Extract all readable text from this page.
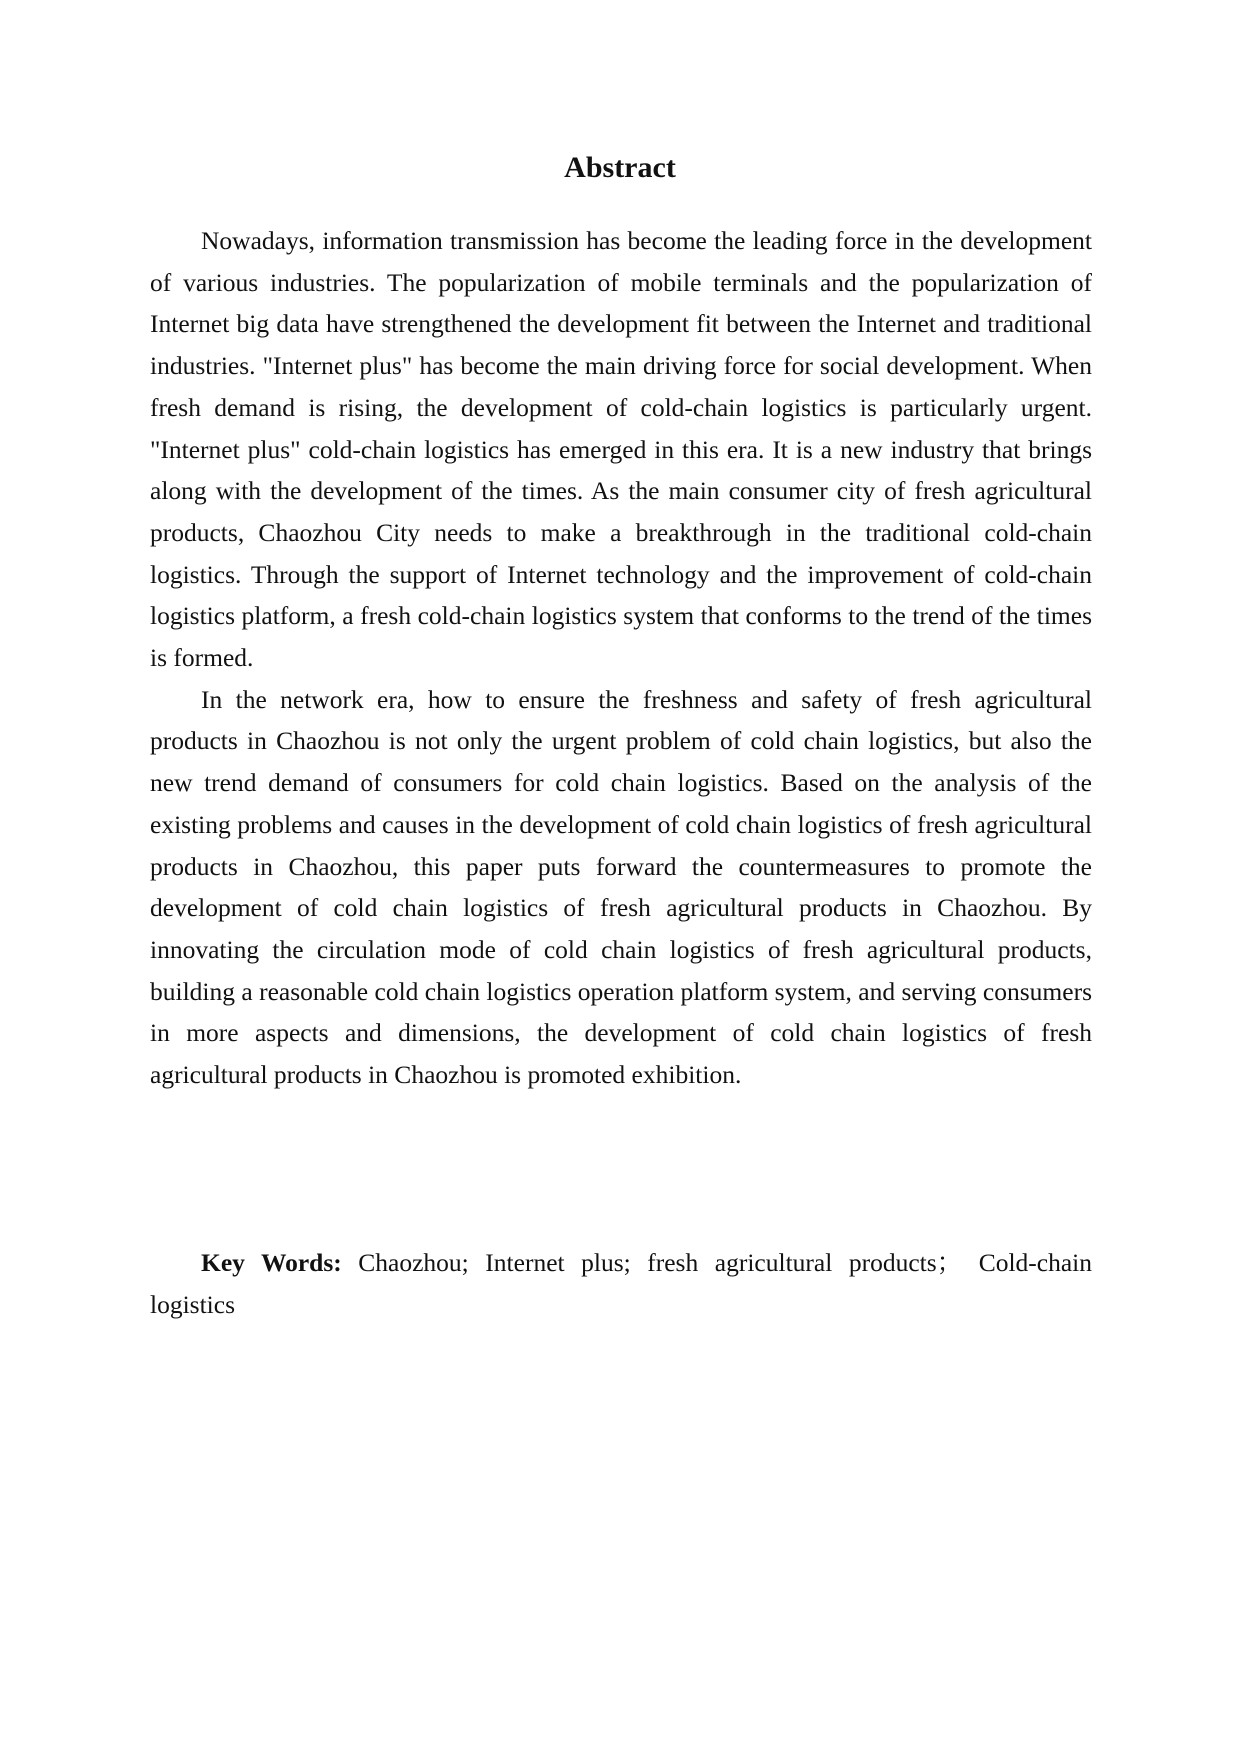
Abstract

Nowadays, information transmission has become the leading force in the development of various industries. The popularization of mobile terminals and the popularization of Internet big data have strengthened the development fit between the Internet and traditional industries. "Internet plus" has become the main driving force for social development. When fresh demand is rising, the development of cold-chain logistics is particularly urgent. "Internet plus" cold-chain logistics has emerged in this era. It is a new industry that brings along with the development of the times. As the main consumer city of fresh agricultural products, Chaozhou City needs to make a breakthrough in the traditional cold-chain logistics. Through the support of Internet technology and the improvement of cold-chain logistics platform, a fresh cold-chain logistics system that conforms to the trend of the times is formed.

In the network era, how to ensure the freshness and safety of fresh agricultural products in Chaozhou is not only the urgent problem of cold chain logistics, but also the new trend demand of consumers for cold chain logistics. Based on the analysis of the existing problems and causes in the development of cold chain logistics of fresh agricultural products in Chaozhou, this paper puts forward the countermeasures to promote the development of cold chain logistics of fresh agricultural products in Chaozhou. By innovating the circulation mode of cold chain logistics of fresh agricultural products, building a reasonable cold chain logistics operation platform system, and serving consumers in more aspects and dimensions, the development of cold chain logistics of fresh agricultural products in Chaozhou is promoted exhibition.

Key Words: Chaozhou; Internet plus; fresh agricultural products； Cold-chain logistics
